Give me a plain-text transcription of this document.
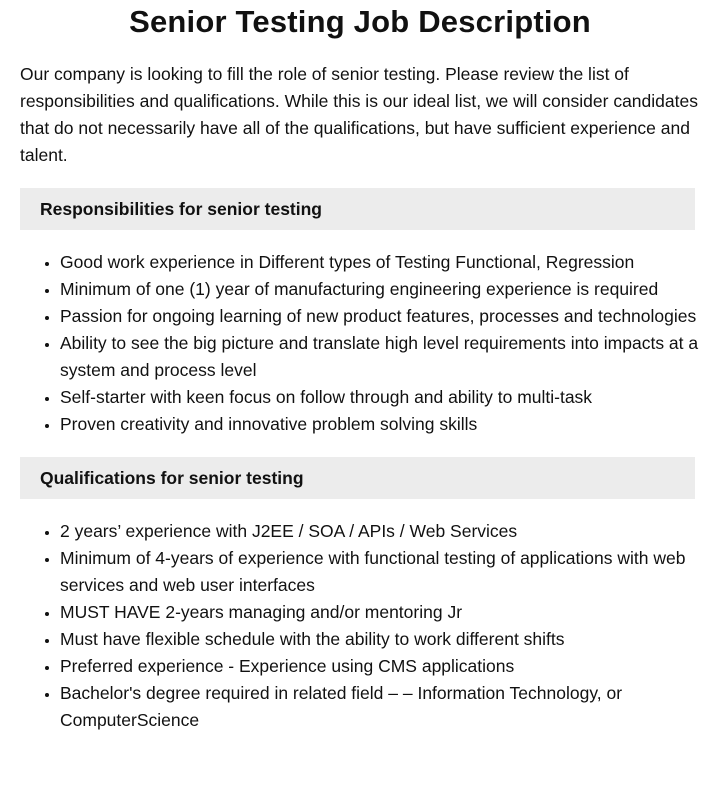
Senior Testing Job Description

Our company is looking to fill the role of senior testing. Please review the list of responsibilities and qualifications. While this is our ideal list, we will consider candidates that do not necessarily have all of the qualifications, but have sufficient experience and talent.

Responsibilities for senior testing
• Good work experience in Different types of Testing Functional, Regression
• Minimum of one (1) year of manufacturing engineering experience is required
• Passion for ongoing learning of new product features, processes and technologies
• Ability to see the big picture and translate high level requirements into impacts at a system and process level
• Self-starter with keen focus on follow through and ability to multi-task
• Proven creativity and innovative problem solving skills
Qualifications for senior testing
• 2 years’ experience with J2EE / SOA / APIs / Web Services
• Minimum of 4-years of experience with functional testing of applications with web services and web user interfaces
• MUST HAVE 2-years managing and/or mentoring Jr
• Must have flexible schedule with the ability to work different shifts
• Preferred experience - Experience using CMS applications
• Bachelor's degree required in related field – – Information Technology, or ComputerScience
